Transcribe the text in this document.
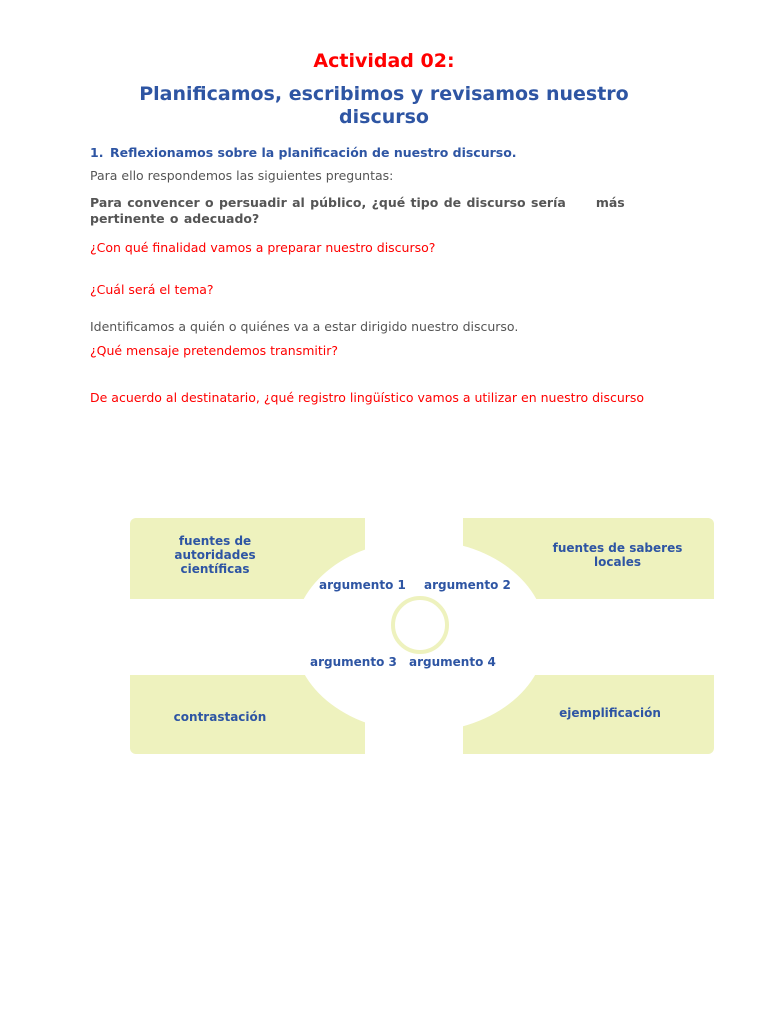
Actividad 02:
Planificamos, escribimos y revisamos nuestro discurso
1. Reflexionamos sobre la planificación de nuestro discurso.
Para ello respondemos las siguientes preguntas:
Para convencer o persuadir al público, ¿qué tipo de discurso sería más pertinente o adecuado?
¿Con qué finalidad vamos a preparar nuestro discurso?
¿Cuál será el tema?
Identificamos a quién o quiénes va a estar dirigido nuestro discurso.
¿Qué mensaje pretendemos transmitir?
De acuerdo al destinatario, ¿qué registro lingüístico vamos a utilizar en nuestro discurso
fuentes de autoridades científicas
fuentes de saberes locales
contrastación	ejemplificación
argumento 1 argumento 2
argumento 3 argumento 4
